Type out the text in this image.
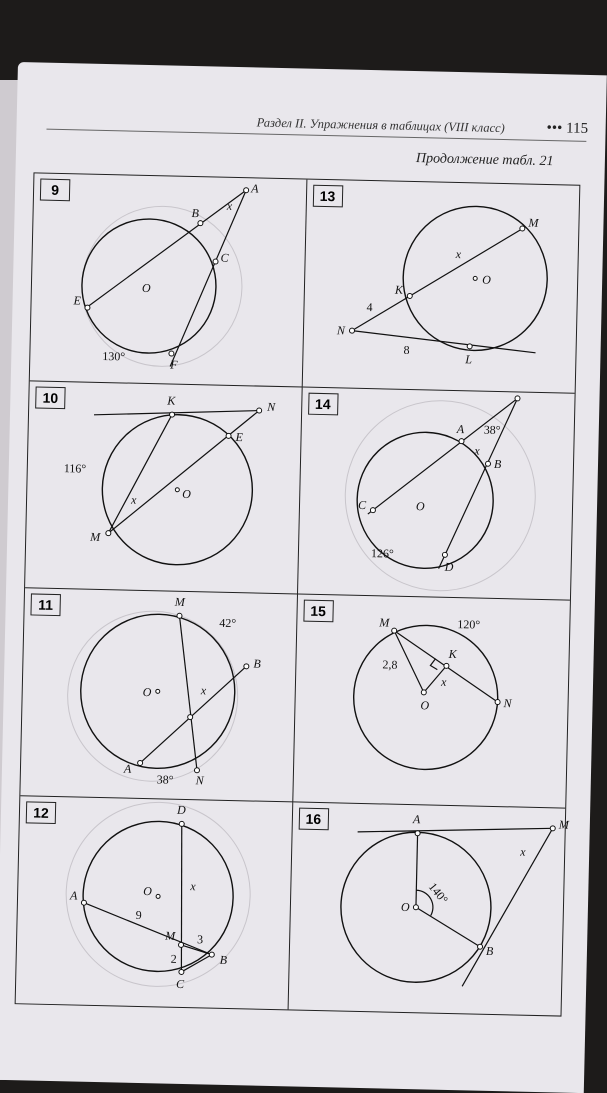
Раздел II. Упражнения в таблицах (VIII класс)	••• 115
Продолжение табл. 21
9	A
B
C
E
F
O
x
130°
13
M
N
K
L
O
x
4
8
10	K	N
E
M
O
x
116°
14
A
B
C
D
O
x
38°
126°
11	M
B
A
N
O	x
42°
38°
15
M
K
N
O
x
2,8
120°
12	D
A
M
B
C
O	x
9
3
2
16	A	M
O
B
x
140°
